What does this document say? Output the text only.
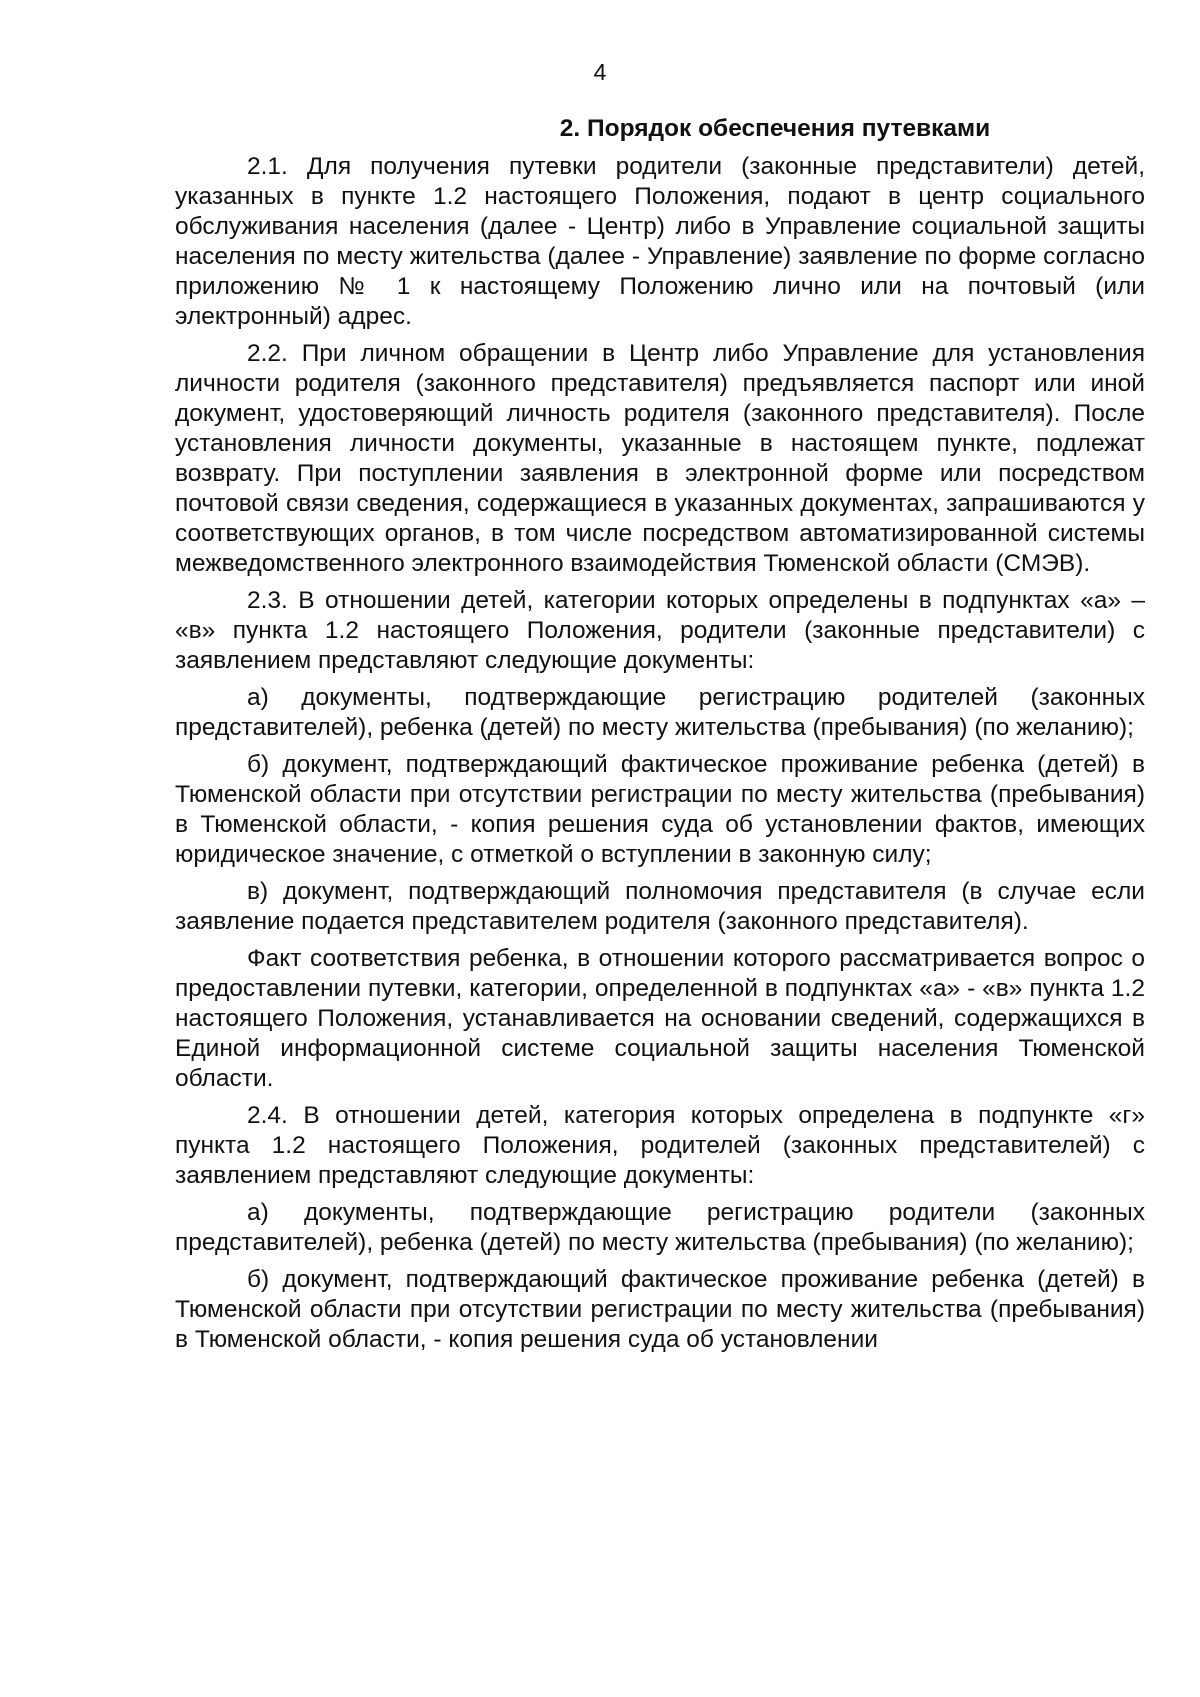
4
2. Порядок обеспечения путевками

2.1. Для получения путевки родители (законные представители) детей, указанных в пункте 1.2 настоящего Положения, подают в центр социального обслуживания населения (далее - Центр) либо в Управление социальной защиты населения по месту жительства (далее - Управление) заявление по форме согласно приложению № 1 к настоящему Положению лично или на почтовый (или электронный) адрес.

2.2. При личном обращении в Центр либо Управление для установления личности родителя (законного представителя) предъявляется паспорт или иной документ, удостоверяющий личность родителя (законного представителя). После установления личности документы, указанные в настоящем пункте, подлежат возврату. При поступлении заявления в электронной форме или посредством почтовой связи сведения, содержащиеся в указанных документах, запрашиваются у соответствующих органов, в том числе посредством автоматизированной системы межведомственного электронного взаимодействия Тюменской области (СМЭВ).

2.3. В отношении детей, категории которых определены в подпунктах «а» – «в» пункта 1.2 настоящего Положения, родители (законные представители) с заявлением представляют следующие документы:

а) документы, подтверждающие регистрацию родителей (законных представителей), ребенка (детей) по месту жительства (пребывания) (по желанию);

б) документ, подтверждающий фактическое проживание ребенка (детей) в Тюменской области при отсутствии регистрации по месту жительства (пребывания) в Тюменской области, - копия решения суда об установлении фактов, имеющих юридическое значение, с отметкой о вступлении в законную силу;

в) документ, подтверждающий полномочия представителя (в случае если заявление подается представителем родителя (законного представителя).

Факт соответствия ребенка, в отношении которого рассматривается вопрос о предоставлении путевки, категории, определенной в подпунктах «а» - «в» пункта 1.2 настоящего Положения, устанавливается на основании сведений, содержащихся в Единой информационной системе социальной защиты населения Тюменской области.

2.4. В отношении детей, категория которых определена в подпункте «г» пункта 1.2 настоящего Положения, родителей (законных представителей) с заявлением представляют следующие документы:

а) документы, подтверждающие регистрацию родители (законных представителей), ребенка (детей) по месту жительства (пребывания) (по желанию);

б) документ, подтверждающий фактическое проживание ребенка (детей) в Тюменской области при отсутствии регистрации по месту жительства (пребывания) в Тюменской области, - копия решения суда об установлении
